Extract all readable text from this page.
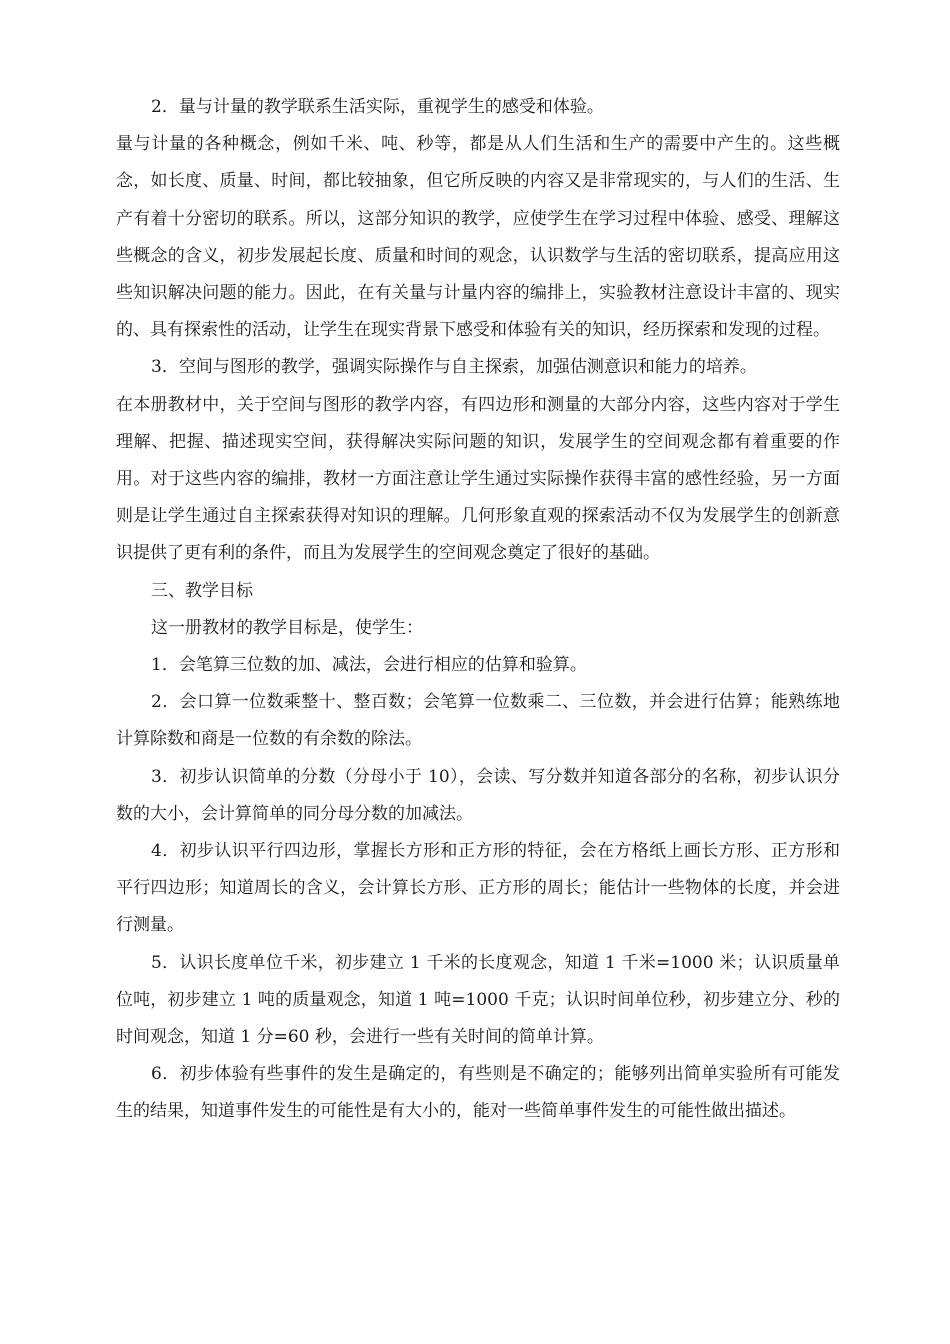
2．量与计量的教学联系生活实际，重视学生的感受和体验。

量与计量的各种概念，例如千米、吨、秒等，都是从人们生活和生产的需要中产生的。这些概念，如长度、质量、时间，都比较抽象，但它所反映的内容又是非常现实的，与人们的生活、生产有着十分密切的联系。所以，这部分知识的教学，应使学生在学习过程中体验、感受、理解这些概念的含义，初步发展起长度、质量和时间的观念，认识数学与生活的密切联系，提高应用这些知识解决问题的能力。因此，在有关量与计量内容的编排上，实验教材注意设计丰富的、现实的、具有探索性的活动，让学生在现实背景下感受和体验有关的知识，经历探索和发现的过程。

3．空间与图形的教学，强调实际操作与自主探索，加强估测意识和能力的培养。

在本册教材中，关于空间与图形的教学内容，有四边形和测量的大部分内容，这些内容对于学生理解、把握、描述现实空间，获得解决实际问题的知识，发展学生的空间观念都有着重要的作用。对于这些内容的编排，教材一方面注意让学生通过实际操作获得丰富的感性经验，另一方面则是让学生通过自主探索获得对知识的理解。几何形象直观的探索活动不仅为发展学生的创新意识提供了更有利的条件，而且为发展学生的空间观念奠定了很好的基础。

三、教学目标

这一册教材的教学目标是，使学生：

1．会笔算三位数的加、减法，会进行相应的估算和验算。

2．会口算一位数乘整十、整百数；会笔算一位数乘二、三位数，并会进行估算；能熟练地计算除数和商是一位数的有余数的除法。

3．初步认识简单的分数（分母小于 10），会读、写分数并知道各部分的名称，初步认识分数的大小，会计算简单的同分母分数的加减法。

4．初步认识平行四边形，掌握长方形和正方形的特征，会在方格纸上画长方形、正方形和平行四边形；知道周长的含义，会计算长方形、正方形的周长；能估计一些物体的长度，并会进行测量。

5．认识长度单位千米，初步建立 1 千米的长度观念，知道 1 千米=1000 米；认识质量单位吨，初步建立 1 吨的质量观念，知道 1 吨=1000 千克；认识时间单位秒，初步建立分、秒的时间观念，知道 1 分=60 秒，会进行一些有关时间的简单计算。

6．初步体验有些事件的发生是确定的，有些则是不确定的；能够列出简单实验所有可能发生的结果，知道事件发生的可能性是有大小的，能对一些简单事件发生的可能性做出描述。
